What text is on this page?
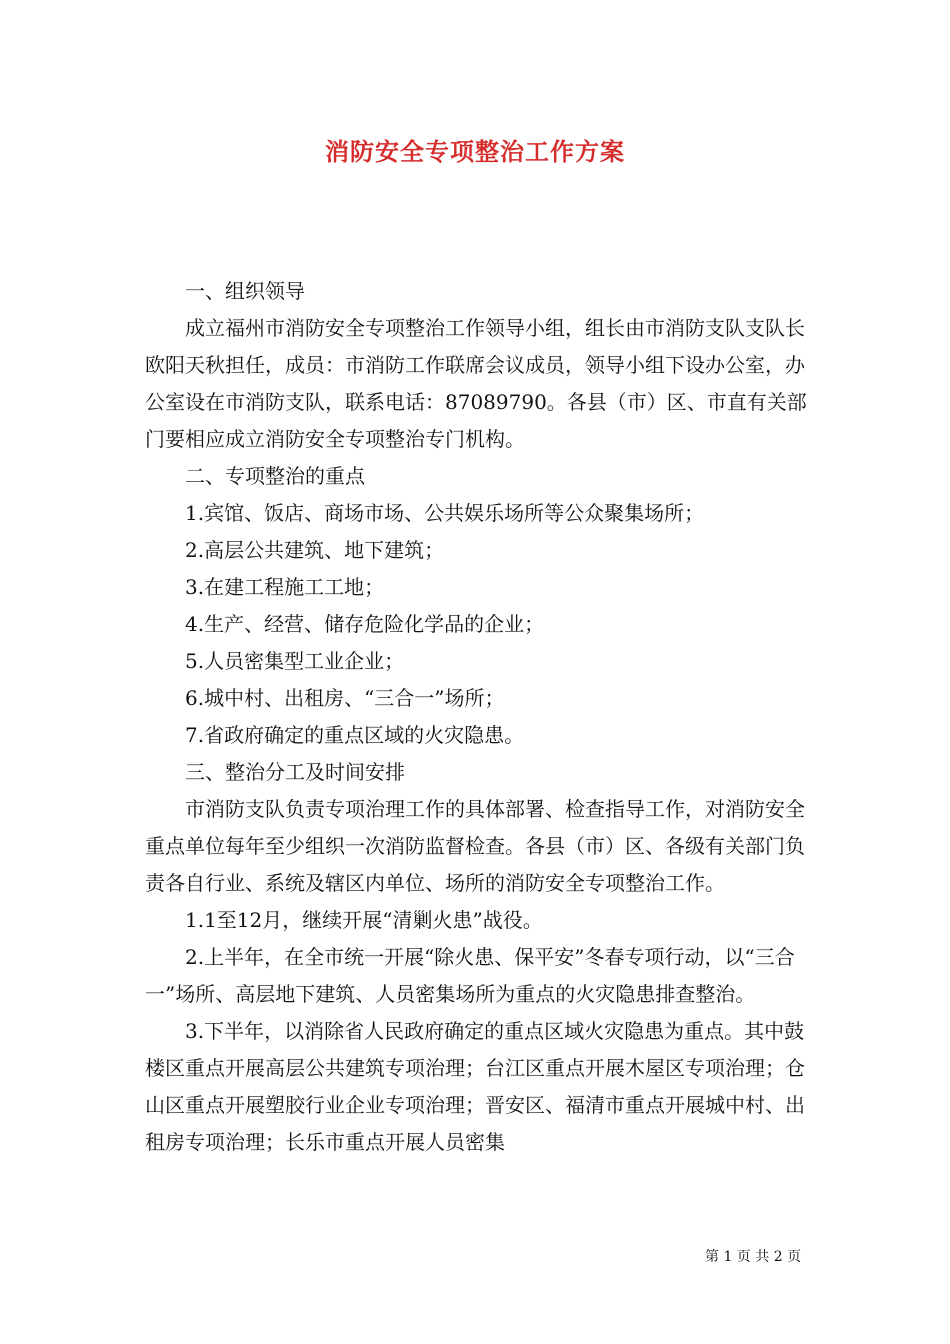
消防安全专项整治工作方案

一、组织领导

成立福州市消防安全专项整治工作领导小组，组长由市消防支队支队长欧阳天秋担任，成员：市消防工作联席会议成员，领导小组下设办公室，办公室设在市消防支队，联系电话：87089790。各县（市）区、市直有关部门要相应成立消防安全专项整治专门机构。

二、专项整治的重点

1.宾馆、饭店、商场市场、公共娱乐场所等公众聚集场所；

2.高层公共建筑、地下建筑；

3.在建工程施工工地；

4.生产、经营、储存危险化学品的企业；

5.人员密集型工业企业；

6.城中村、出租房、“三合一”场所；

7.省政府确定的重点区域的火灾隐患。

三、整治分工及时间安排

市消防支队负责专项治理工作的具体部署、检查指导工作，对消防安全重点单位每年至少组织一次消防监督检查。各县（市）区、各级有关部门负责各自行业、系统及辖区内单位、场所的消防安全专项整治工作。

1.1至12月，继续开展“清剿火患”战役。

2.上半年，在全市统一开展“除火患、保平安”冬春专项行动，以“三合一”场所、高层地下建筑、人员密集场所为重点的火灾隐患排查整治。

3.下半年，以消除省人民政府确定的重点区域火灾隐患为重点。其中鼓楼区重点开展高层公共建筑专项治理；台江区重点开展木屋区专项治理；仓山区重点开展塑胶行业企业专项治理；晋安区、福清市重点开展城中村、出租房专项治理；长乐市重点开展人员密集

第 1 页 共 2 页
